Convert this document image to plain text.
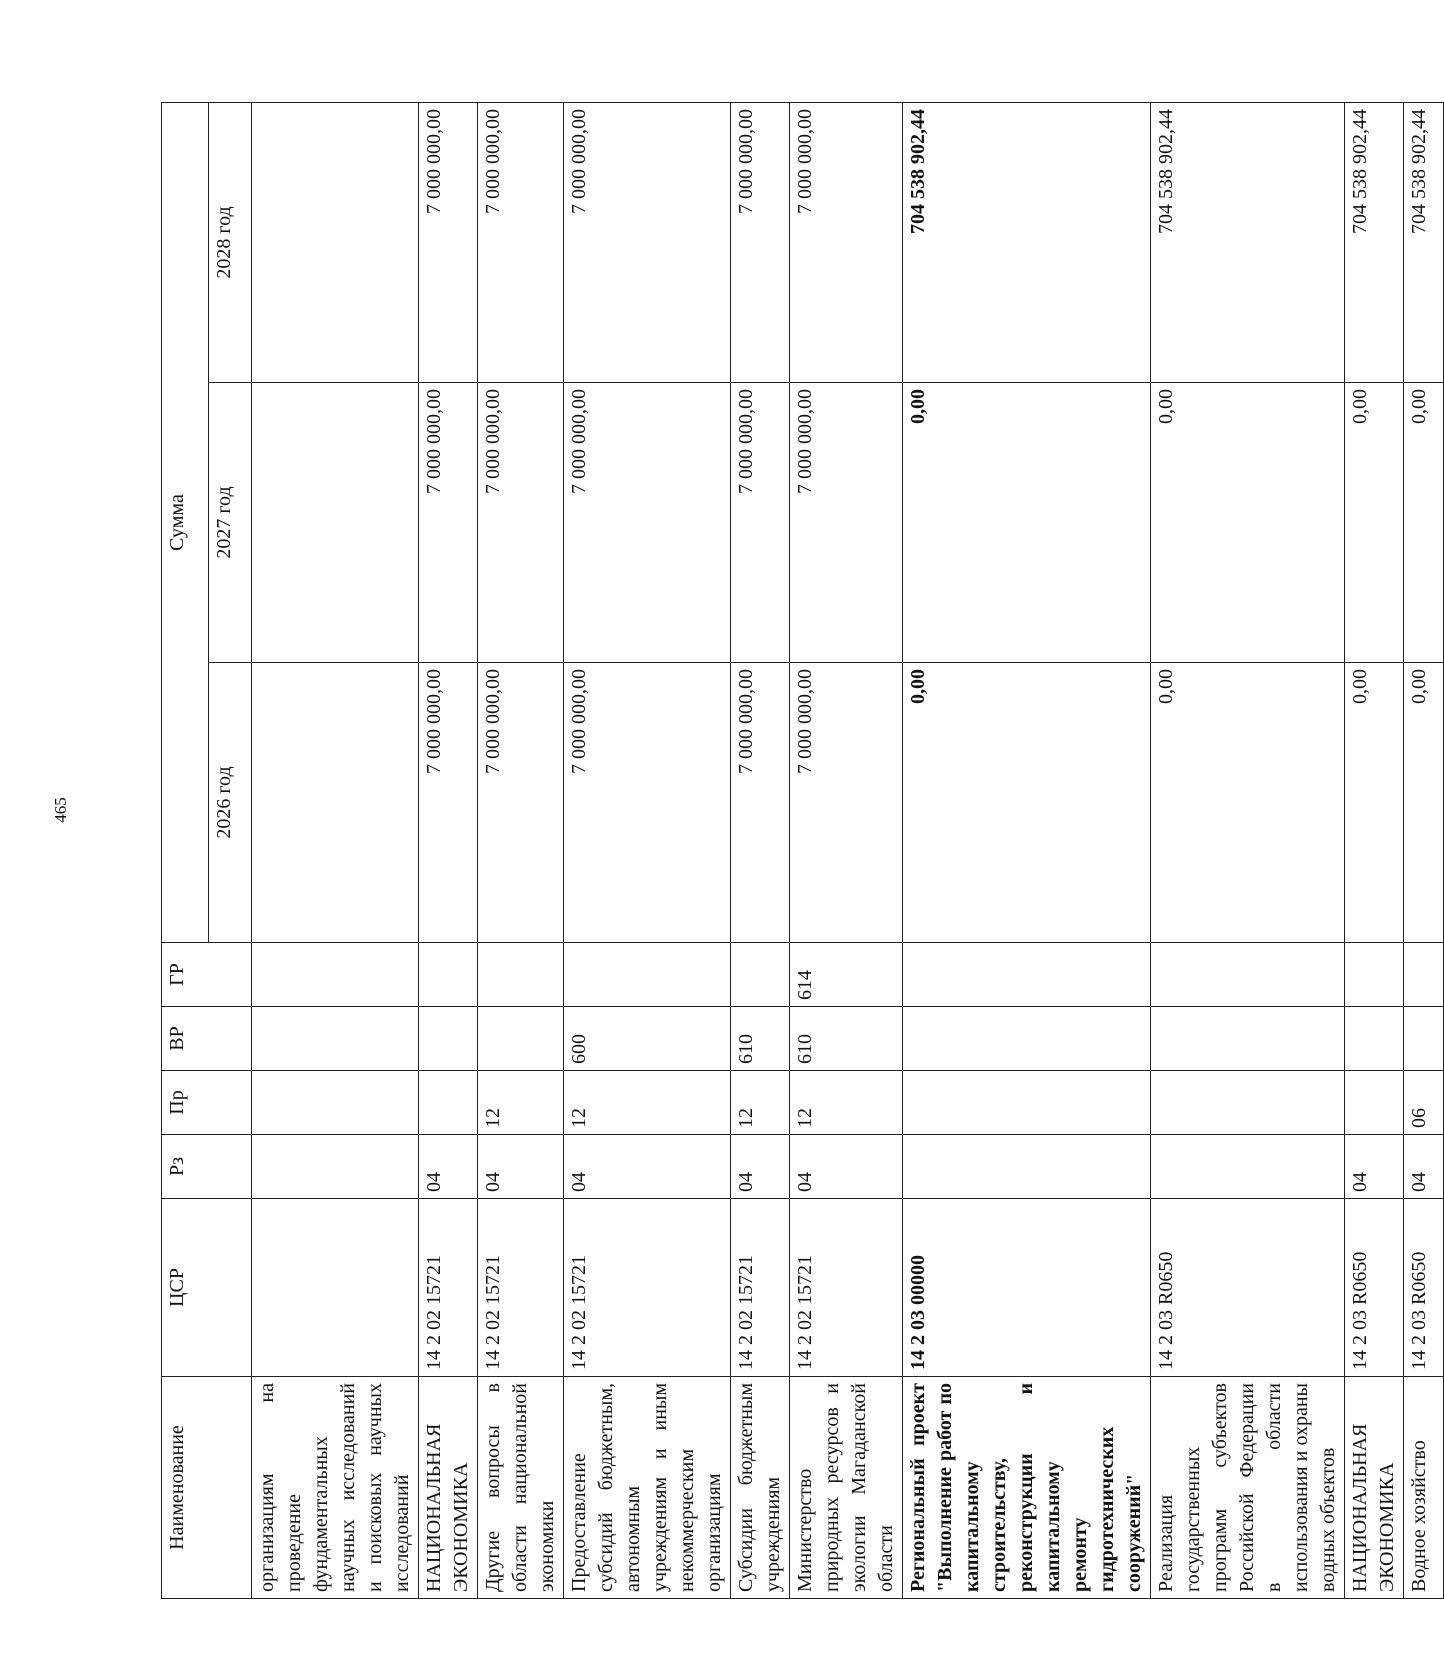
465
Наименование	ЦСР	Рз	Пр	ВР	ГР	Сумма		
						2026 год	2027 год	2028 год
организациям на проведение фундаментальных научных исследований и поисковых научных исследований								
НАЦИОНАЛЬНАЯ ЭКОНОМИКА	14 2 02 15721	04				7 000 000,00	7 000 000,00	7 000 000,00
Другие вопросы в области национальной экономики	14 2 02 15721	04	12			7 000 000,00	7 000 000,00	7 000 000,00
Предоставление субсидий бюджетным, автономным учреждениям и иным некоммерческим организациям	14 2 02 15721	04	12	600		7 000 000,00	7 000 000,00	7 000 000,00
Субсидии бюджетным учреждениям	14 2 02 15721	04	12	610		7 000 000,00	7 000 000,00	7 000 000,00
Министерство природных ресурсов и экологии Магаданской области	14 2 02 15721	04	12	610	614	7 000 000,00	7 000 000,00	7 000 000,00
Региональный проект "Выполнение работ по капитальному строительству, реконструкции и капитальному ремонту гидротехнических сооружений"	14 2 03 00000					0,00	0,00	704 538 902,44
Реализация государственных программ субъектов Российской Федерации в области использования и охраны водных объектов	14 2 03 R0650					0,00	0,00	704 538 902,44
НАЦИОНАЛЬНАЯ ЭКОНОМИКА	14 2 03 R0650	04				0,00	0,00	704 538 902,44
Водное хозяйство	14 2 03 R0650	04	06			0,00	0,00	704 538 902,44
